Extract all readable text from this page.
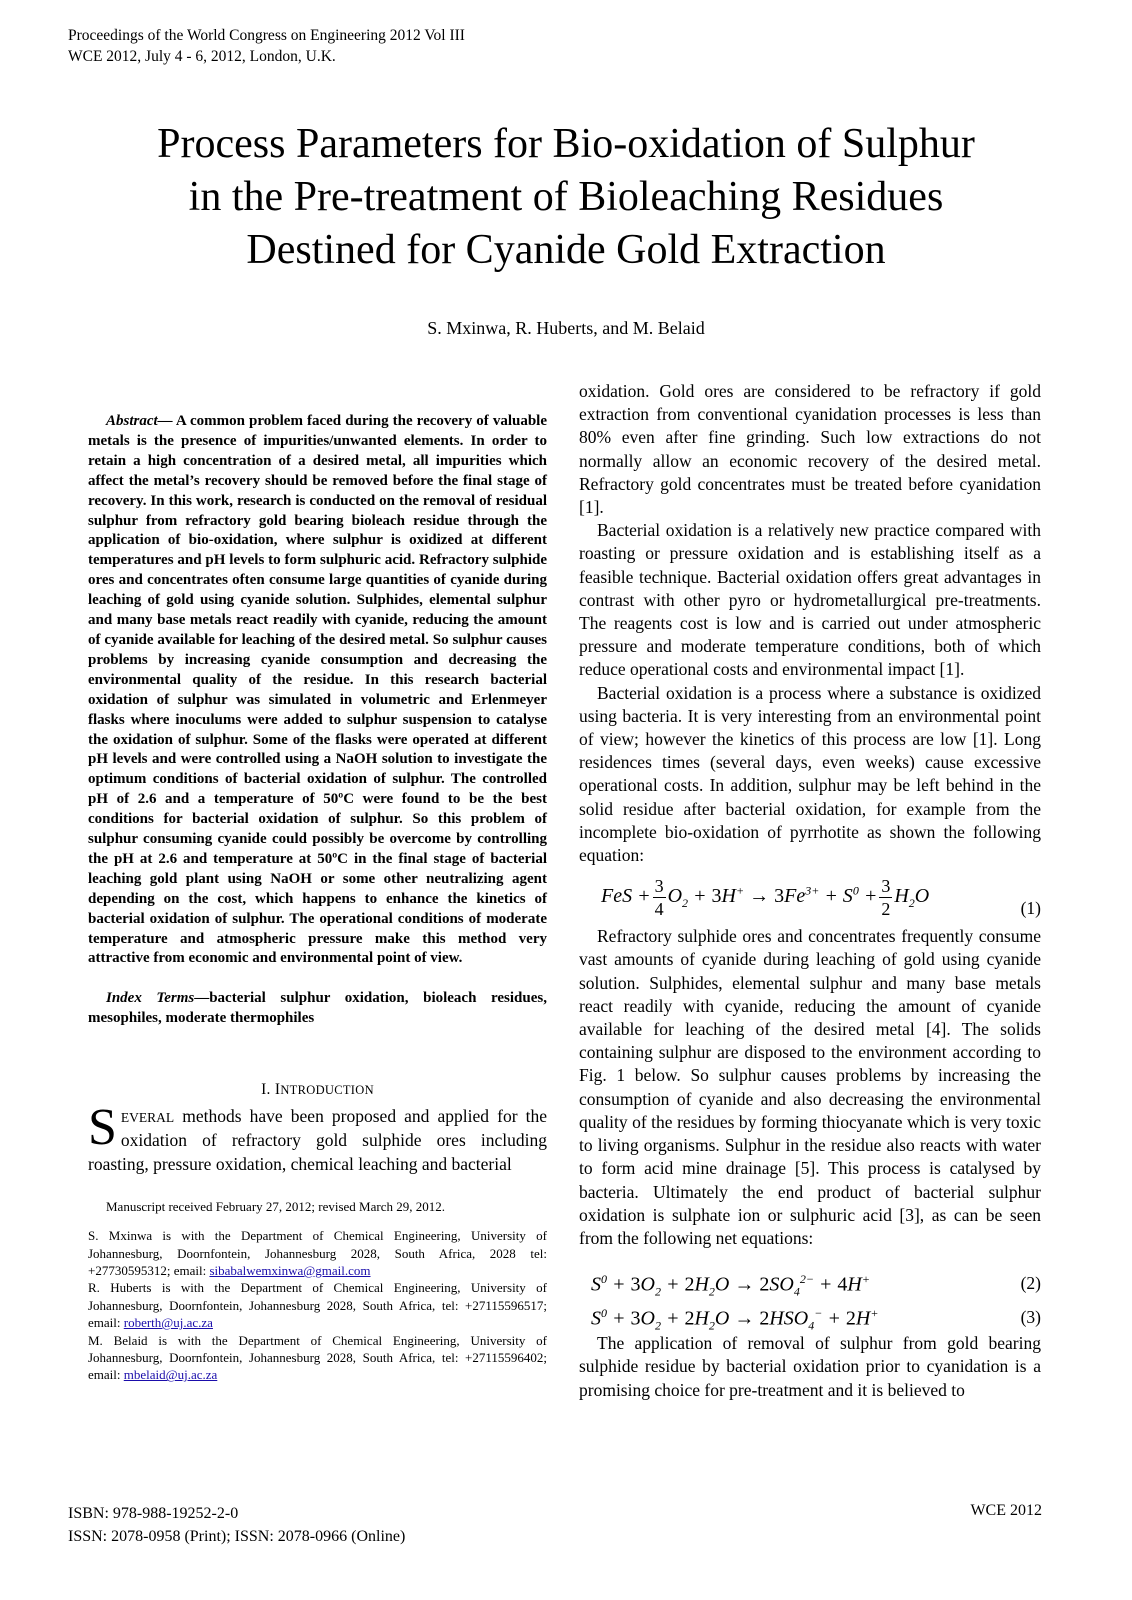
Proceedings of the World Congress on Engineering 2012 Vol III
WCE 2012, July 4 - 6, 2012, London, U.K.
Process Parameters for Bio-oxidation of Sulphur
in the Pre-treatment of Bioleaching Residues
Destined for Cyanide Gold Extraction
S. Mxinwa, R. Huberts, and M. Belaid
Abstract— A common problem faced during the recovery of valuable metals is the presence of impurities/unwanted elements. In order to retain a high concentration of a desired metal, all impurities which affect the metal’s recovery should be removed before the final stage of recovery. In this work, research is conducted on the removal of residual sulphur from refractory gold bearing bioleach residue through the application of bio-oxidation, where sulphur is oxidized at different temperatures and pH levels to form sulphuric acid. Refractory sulphide ores and concentrates often consume large quantities of cyanide during leaching of gold using cyanide solution. Sulphides, elemental sulphur and many base metals react readily with cyanide, reducing the amount of cyanide available for leaching of the desired metal. So sulphur causes problems by increasing cyanide consumption and decreasing the environmental quality of the residue. In this research bacterial oxidation of sulphur was simulated in volumetric and Erlenmeyer flasks where inoculums were added to sulphur suspension to catalyse the oxidation of sulphur. Some of the flasks were operated at different pH levels and were controlled using a NaOH solution to investigate the optimum conditions of bacterial oxidation of sulphur. The controlled pH of 2.6 and a temperature of 50ºC were found to be the best conditions for bacterial oxidation of sulphur. So this problem of sulphur consuming cyanide could possibly be overcome by controlling the pH at 2.6 and temperature at 50ºC in the final stage of bacterial leaching gold plant using NaOH or some other neutralizing agent depending on the cost, which happens to enhance the kinetics of bacterial oxidation of sulphur. The operational conditions of moderate temperature and atmospheric pressure make this method very attractive from economic and environmental point of view.
Index Terms—bacterial sulphur oxidation, bioleach residues, mesophiles, moderate thermophiles
I. INTRODUCTION
SEVERAL methods have been proposed and applied for the oxidation of refractory gold sulphide ores including roasting, pressure oxidation, chemical leaching and bacterial

Manuscript received February 27, 2012; revised March 29, 2012.

S. Mxinwa is with the Department of Chemical Engineering, University of Johannesburg, Doornfontein, Johannesburg 2028, South Africa, 2028 tel: +27730595312; email: sibabalwemxinwa@gmail.com

R. Huberts is with the Department of Chemical Engineering, University of Johannesburg, Doornfontein, Johannesburg 2028, South Africa, tel: +27115596517; email: roberth@uj.ac.za

M. Belaid is with the Department of Chemical Engineering, University of Johannesburg, Doornfontein, Johannesburg 2028, South Africa, tel: +27115596402; email: mbelaid@uj.ac.za

oxidation. Gold ores are considered to be refractory if gold extraction from conventional cyanidation processes is less than 80% even after fine grinding. Such low extractions do not normally allow an economic recovery of the desired metal. Refractory gold concentrates must be treated before cyanidation [1].

Bacterial oxidation is a relatively new practice compared with roasting or pressure oxidation and is establishing itself as a feasible technique. Bacterial oxidation offers great advantages in contrast with other pyro or hydrometallurgical pre-treatments. The reagents cost is low and is carried out under atmospheric pressure and moderate temperature conditions, both of which reduce operational costs and environmental impact [1].

Bacterial oxidation is a process where a substance is oxidized using bacteria. It is very interesting from an environmental point of view; however the kinetics of this process are low [1]. Long residences times (several days, even weeks) cause excessive operational costs. In addition, sulphur may be left behind in the solid residue after bacterial oxidation, for example from the incomplete bio-oxidation of pyrrhotite as shown the following equation:

FeS + $\frac{3}{4} O_2 + 3H^+ \to 3Fe^{3+} + S^0 + \frac{3}{2} H_2O$
(1)

Refractory sulphide ores and concentrates frequently consume vast amounts of cyanide during leaching of gold using cyanide solution. Sulphides, elemental sulphur and many base metals react readily with cyanide, reducing the amount of cyanide available for leaching of the desired metal [4]. The solids containing sulphur are disposed to the environment according to Fig. 1 below. So sulphur causes problems by increasing the consumption of cyanide and also decreasing the environmental quality of the residues by forming thiocyanate which is very toxic to living organisms. Sulphur in the residue also reacts with water to form acid mine drainage [5]. This process is catalysed by bacteria. Ultimately the end product of bacterial sulphur oxidation is sulphate ion or sulphuric acid [3], as can be seen from the following net equations:

$S^0 + 3O_2 + 2H_2O \to 2SO_4^{2-} + 4H^+$	(2)
$S^0 + 3O_2 + 2H_2O \to 2HSO_4^- + 2H^+$	(3)

The application of removal of sulphur from gold bearing sulphide residue by bacterial oxidation prior to cyanidation is a promising choice for pre-treatment and it is believed to

ISBN: 978-988-19252-2-0
ISSN: 2078-0958 (Print); ISSN: 2078-0966 (Online)
WCE 2012
